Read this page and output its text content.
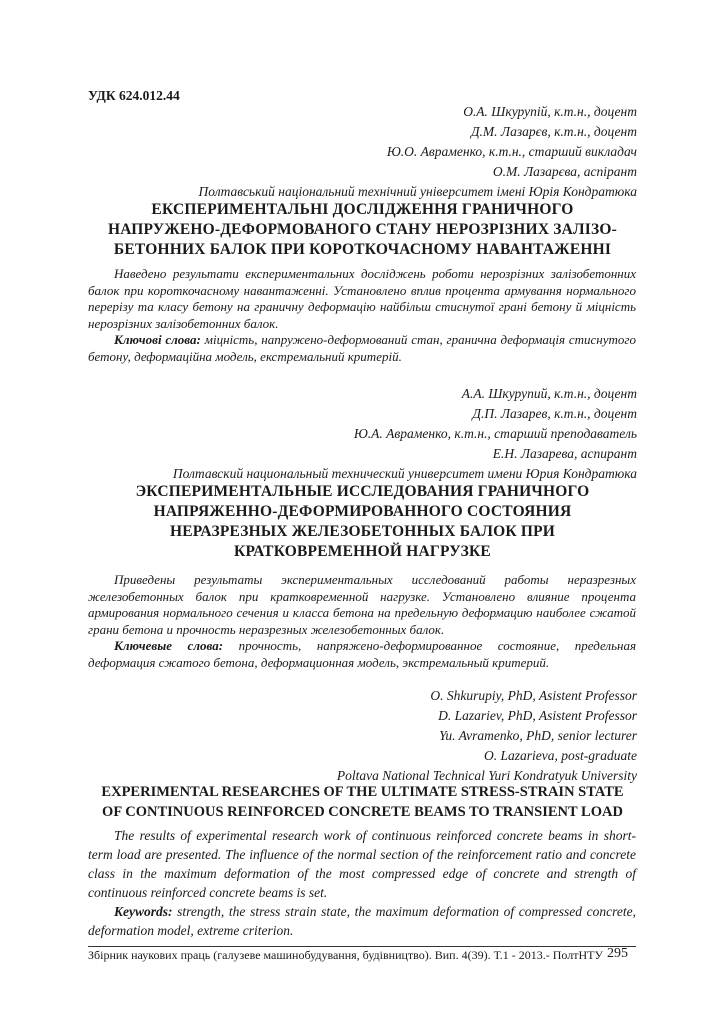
УДК 624.012.44
О.А. Шкурупій, к.т.н., доцент
Д.М. Лазарєв, к.т.н., доцент
Ю.О. Авраменко, к.т.н., старший викладач
О.М. Лазарєва, аспірант
Полтавський національний технічний університет імені Юрія Кондратюка
ЕКСПЕРИМЕНТАЛЬНІ ДОСЛІДЖЕННЯ ГРАНИЧНОГО
НАПРУЖЕНО-ДЕФОРМОВАНОГО СТАНУ НЕРОЗРІЗНИХ ЗАЛІЗО-
БЕТОННИХ БАЛОК ПРИ КОРОТКОЧАСНОМУ НАВАНТАЖЕННІ

Наведено результати експериментальних досліджень роботи нерозрізних залізобетонних балок при короткочасному навантаженні. Установлено вплив процента армування нормального перерізу та класу бетону на граничну деформацію найбільш стиснутої грані бетону й міцність нерозрізних залізобетонних балок.

Ключові слова: міцність, напружено-деформований стан, гранична деформація стиснутого бетону, деформаційна модель, екстремальний критерій.

А.А. Шкурупий, к.т.н., доцент
Д.П. Лазарев, к.т.н., доцент
Ю.А. Авраменко, к.т.н., старший преподаватель
Е.Н. Лазарева, аспирант
Полтавский национальный технический университет имени Юрия Кондратюка
ЭКСПЕРИМЕНТАЛЬНЫЕ ИССЛЕДОВАНИЯ ГРАНИЧНОГО
НАПРЯЖЕННО-ДЕФОРМИРОВАННОГО СОСТОЯНИЯ
НЕРАЗРЕЗНЫХ ЖЕЛЕЗОБЕТОННЫХ БАЛОК ПРИ
КРАТКОВРЕМЕННОЙ НАГРУЗКЕ

Приведены результаты экспериментальных исследований работы неразрезных железобетонных балок при кратковременной нагрузке. Установлено влияние процента армирования нормального сечения и класса бетона на предельную деформацию наиболее сжатой грани бетона и прочность неразрезных железобетонных балок.

Ключевые слова: прочность, напряжено-деформированное состояние, предельная деформация сжатого бетона, деформационная модель, экстремальный критерий.

O. Shkurupiy, PhD, Asistent Professor
D. Lazariev, PhD, Asistent Professor
Yu. Avramenko, PhD, senior lecturer
O. Lazarieva, post-graduate
Poltava National Technical Yuri Kondratyuk University
EXPERIMENTAL RESEARCHES OF THE ULTIMATE STRESS-STRAIN STATE
OF CONTINUOUS REINFORCED CONCRETE BEAMS TO TRANSIENT LOAD

The results of experimental research work of continuous reinforced concrete beams in short-term load are presented. The influence of the normal section of the reinforcement ratio and concrete class in the maximum deformation of the most compressed edge of concrete and strength of continuous reinforced concrete beams is set.

Keywords: strength, the stress strain state, the maximum deformation of compressed concrete, deformation model, extreme criterion.

Збірник наукових праць (галузеве машинобудування, будівництво). Вип. 4(39). Т.1 - 2013.- ПолтНТУ 295
